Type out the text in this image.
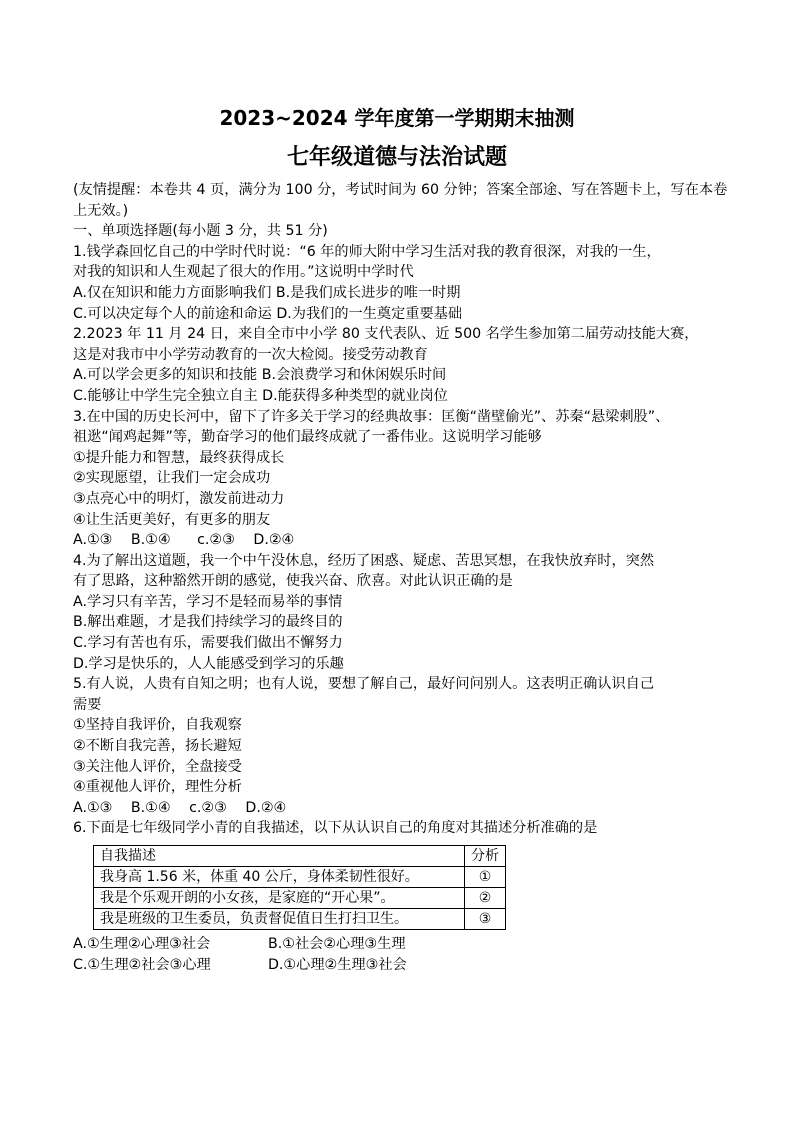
2023~2024 学年度第一学期期末抽测
七年级道德与法治试题
(友情提醒：本卷共 4 页，满分为 100 分，考试时间为 60 分钟；答案全部途、写在答题卡上，写在本卷上无效。)
一、单项选择题(每小题 3 分，共 51 分)
1.钱学森回忆自己的中学时代时说：“6 年的师大附中学习生活对我的教育很深，对我的一生，
对我的知识和人生观起了很大的作用。”这说明中学时代
A.仅在知识和能力方面影响我们 B.是我们成长进步的唯一时期
C.可以决定每个人的前途和命运 D.为我们的一生奠定重要基础
2.2023 年 11 月 24 日，来自全市中小学 80 支代表队、近 500 名学生参加第二届劳动技能大赛，
这是对我市中小学劳动教育的一次大检阅。接受劳动教育
A.可以学会更多的知识和技能 B.会浪费学习和休闲娱乐时间
C.能够让中学生完全独立自主 D.能获得多种类型的就业岗位
3.在中国的历史长河中，留下了许多关于学习的经典故事：匡衡“凿壁偷光”、苏秦“悬梁刺股”、
祖逖“闻鸡起舞”等，勤奋学习的他们最终成就了一番伟业。这说明学习能够
①提升能力和智慧，最终获得成长
②实现愿望，让我们一定会成功
③点亮心中的明灯，激发前进动力
④让生活更美好，有更多的朋友
A.①③ B.①④ c.②③ D.②④
4.为了解出这道题，我一个中午没休息，经历了困惑、疑虑、苦思冥想，在我快放弃时，突然
有了思路，这种豁然开朗的感觉，使我兴奋、欣喜。对此认识正确的是
A.学习只有辛苦，学习不是轻而易举的事情
B.解出难题，才是我们持续学习的最终目的
C.学习有苦也有乐，需要我们做出不懈努力
D.学习是快乐的，人人能感受到学习的乐趣
5.有人说，人贵有自知之明；也有人说，要想了解自己，最好问问别人。这表明正确认识自己
需要
①坚持自我评价，自我观察
②不断自我完善，扬长避短
③关注他人评价，全盘接受
④重视他人评价，理性分析
A.①③ B.①④ c.②③ D.②④
6.下面是七年级同学小青的自我描述，以下从认识自己的角度对其描述分析准确的是
自我描述	分析
我身高 1.56 米，体重 40 公斤，身体柔韧性很好。	①
我是个乐观开朗的小女孩，是家庭的“开心果”。	②
我是班级的卫生委员，负责督促值日生打扫卫生。	③
A.①生理②心理③社会	B.①社会②心理③生理
C.①生理②社会③心理	D.①心理②生理③社会
